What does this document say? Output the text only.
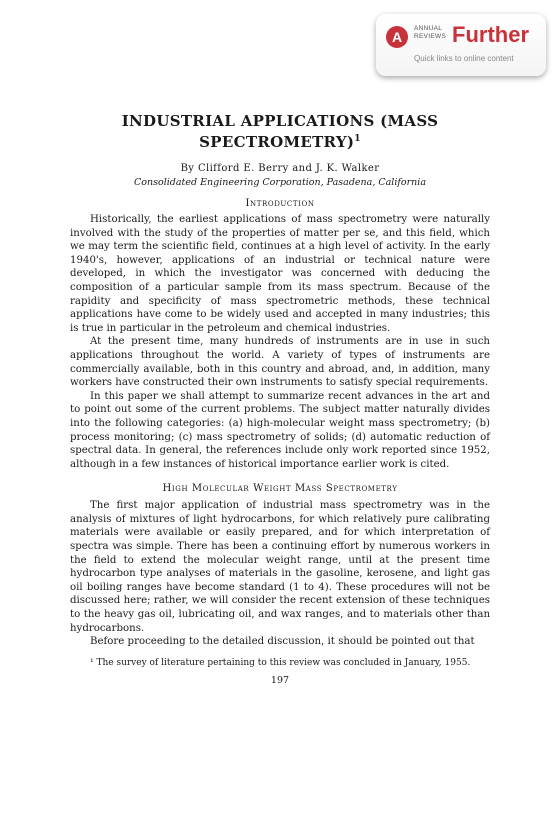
A
ANNUAL
REVIEWS Further
Quick links to online content
INDUSTRIAL APPLICATIONS (MASS
SPECTROMETRY)$^1$
By Clifford E. Berry and J. K. Walker
Consolidated Engineering Corporation, Pasadena, California
Introduction

Historically, the earliest applications of mass spectrometry were naturally involved with the study of the properties of matter per se, and this field, which we may term the scientific field, continues at a high level of activity. In the early 1940's, however, applications of an industrial or technical nature were developed, in which the investigator was concerned with deducing the composition of a particular sample from its mass spectrum. Because of the rapidity and specificity of mass spectrometric methods, these technical applications have come to be widely used and accepted in many industries; this is true in particular in the petroleum and chemical industries.

At the present time, many hundreds of instruments are in use in such applications throughout the world. A variety of types of instruments are commercially available, both in this country and abroad, and, in addition, many workers have constructed their own instruments to satisfy special requirements.

In this paper we shall attempt to summarize recent advances in the art and to point out some of the current problems. The subject matter naturally divides into the following categories: (a) high-molecular weight mass spectrometry; (b) process monitoring; (c) mass spectrometry of solids; (d) automatic reduction of spectral data. In general, the references include only work reported since 1952, although in a few instances of historical importance earlier work is cited.

High Molecular Weight Mass Spectrometry

The first major application of industrial mass spectrometry was in the analysis of mixtures of light hydrocarbons, for which relatively pure calibrating materials were available or easily prepared, and for which interpretation of spectra was simple. There has been a continuing effort by numerous workers in the field to extend the molecular weight range, until at the present time hydrocarbon type analyses of materials in the gasoline, kerosene, and light gas oil boiling ranges have become standard (1 to 4). These procedures will not be discussed here; rather, we will consider the recent extension of these techniques to the heavy gas oil, lubricating oil, and wax ranges, and to materials other than hydrocarbons.

Before proceeding to the detailed discussion, it should be pointed out that

¹ The survey of literature pertaining to this review was concluded in January, 1955.
197
